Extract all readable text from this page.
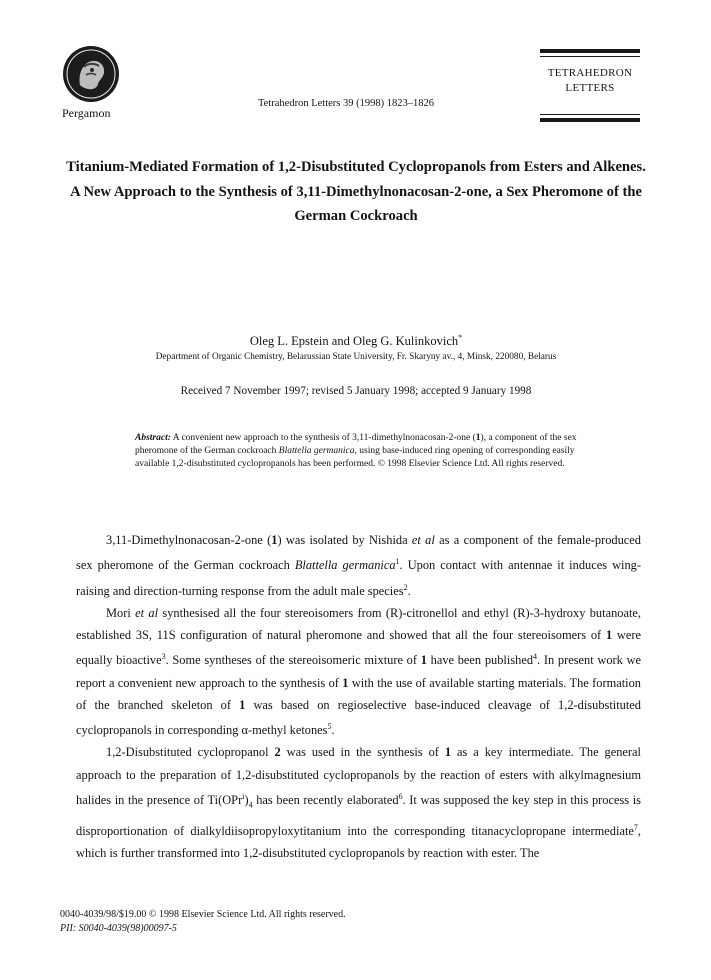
Pergamon
Tetrahedron Letters 39 (1998) 1823–1826
TETRAHEDRON
LETTERS
Titanium-Mediated Formation of 1,2-Disubstituted Cyclopropanols from Esters and Alkenes. A New Approach to the Synthesis of 3,11-Dimethylnonacosan-2-one, a Sex Pheromone of the German Cockroach
Oleg L. Epstein and Oleg G. Kulinkovich*
Department of Organic Chemistry, Belarussian State University, Fr. Skaryny av., 4, Minsk, 220080, Belarus
Received 7 November 1997; revised 5 January 1998; accepted 9 January 1998
Abstract: A convenient new approach to the synthesis of 3,11-dimethylnonacosan-2-one (1), a component of the sex pheromone of the German cockroach Blattella germanica, using base-induced ring opening of corresponding easily available 1,2-disubstituted cyclopropanols has been performed. © 1998 Elsevier Science Ltd. All rights reserved.

3,11-Dimethylnonacosan-2-one (1) was isolated by Nishida et al as a component of the female-produced sex pheromone of the German cockroach Blattella germanica$^1$. Upon contact with antennae it induces wing-raising and direction-turning response from the adult male species$^2$.

Mori et al synthesised all the four stereoisomers from (R)-citronellol and ethyl (R)-3-hydroxy butanoate, established 3S, 11S configuration of natural pheromone and showed that all the four stereoisomers of 1 were equally bioactive$^3$. Some syntheses of the stereoisomeric mixture of 1 have been published$^4$. In present work we report a convenient new approach to the synthesis of 1 with the use of available starting materials. The formation of the branched skeleton of 1 was based on regioselective base-induced cleavage of 1,2-disubstituted cyclopropanols in corresponding α-methyl ketones$^5$.

1,2-Disubstituted cyclopropanol 2 was used in the synthesis of 1 as a key intermediate. The general approach to the preparation of 1,2-disubstituted cyclopropanols by the reaction of esters with alkylmagnesium halides in the presence of $Ti(OPr^i)_4$ has been recently elaborated$^6$. It was supposed the key step in this process is disproportionation of dialkyldiisopropyloxytitanium into the corresponding titanacyclopropane intermediate$^7$, which is further transformed into 1,2-disubstituted cyclopropanols by reaction with ester. The

0040-4039/98/$19.00 © 1998 Elsevier Science Ltd. All rights reserved.
PII: S0040-4039(98)00097-5
